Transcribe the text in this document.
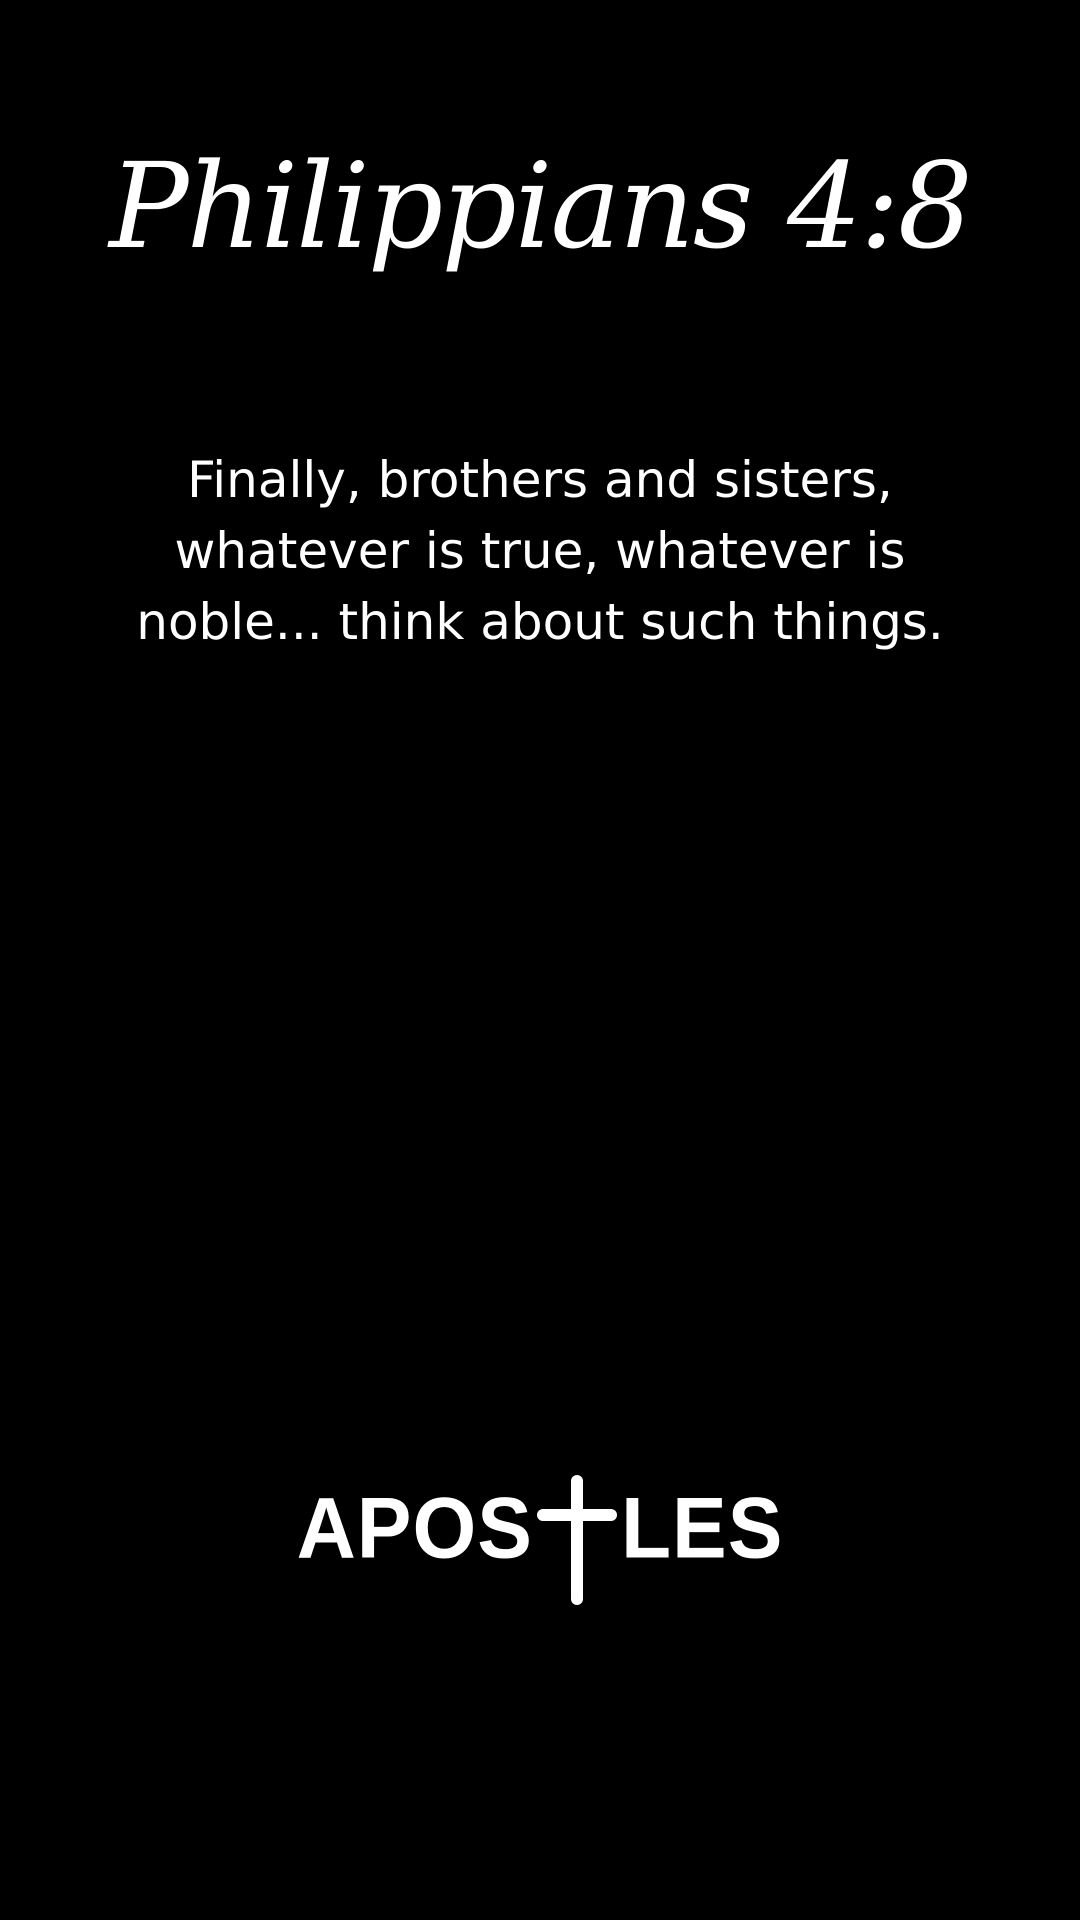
Philippians 4:8
Finally, brothers and sisters,
whatever is true, whatever is
noble... think about such things.
APOS LES
